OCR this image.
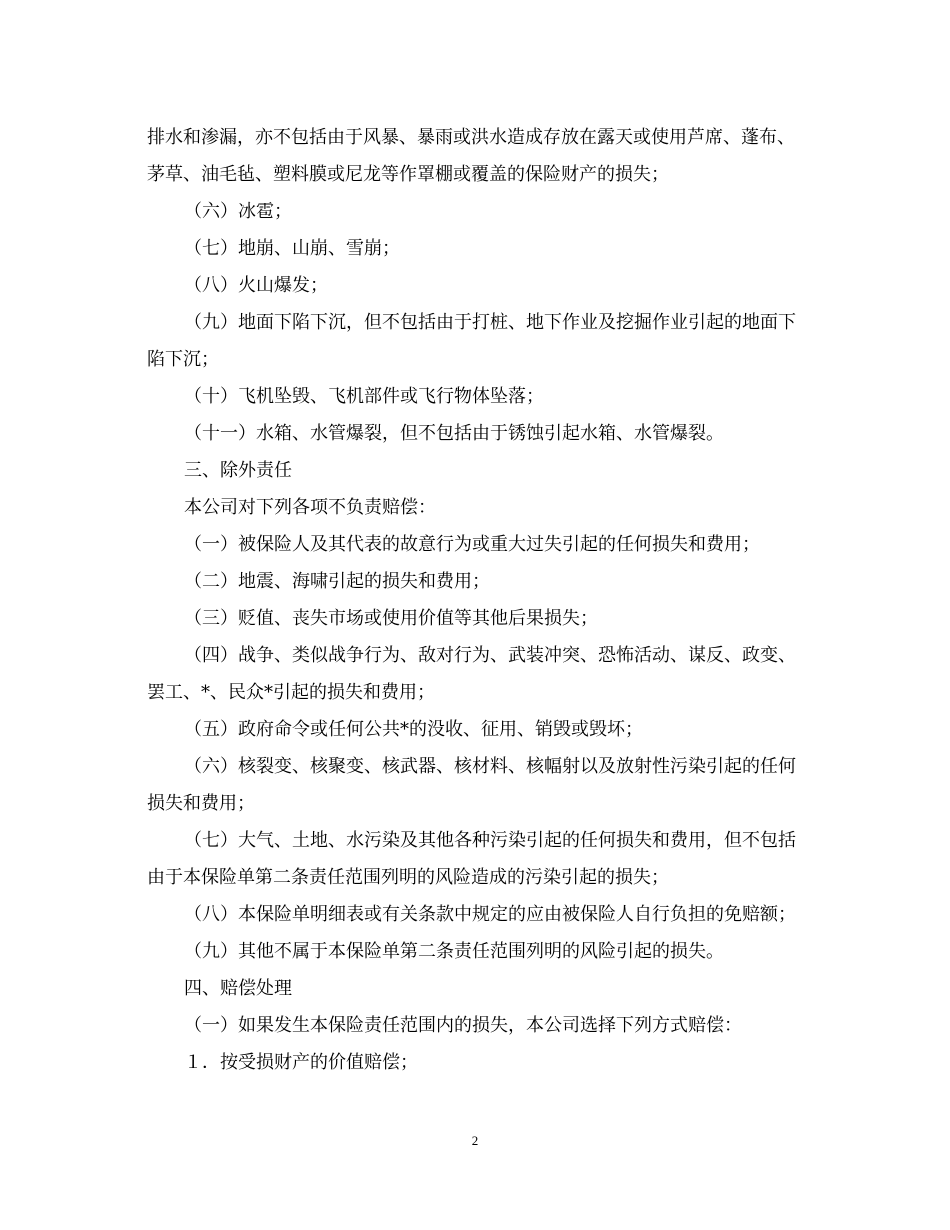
排水和渗漏，亦不包括由于风暴、暴雨或洪水造成存放在露天或使用芦席、蓬布、茅草、油毛毡、塑料膜或尼龙等作罩棚或覆盖的保险财产的损失；

（六）冰雹；

（七）地崩、山崩、雪崩；

（八）火山爆发；

（九）地面下陷下沉，但不包括由于打桩、地下作业及挖掘作业引起的地面下陷下沉；

（十）飞机坠毁、飞机部件或飞行物体坠落；

（十一）水箱、水管爆裂，但不包括由于锈蚀引起水箱、水管爆裂。

三、除外责任

本公司对下列各项不负责赔偿：

（一）被保险人及其代表的故意行为或重大过失引起的任何损失和费用；

（二）地震、海啸引起的损失和费用；

（三）贬值、丧失市场或使用价值等其他后果损失；

（四）战争、类似战争行为、敌对行为、武装冲突、恐怖活动、谋反、政变、罢工、*、民众*引起的损失和费用；

（五）政府命令或任何公共*的没收、征用、销毁或毁坏；

（六）核裂变、核聚变、核武器、核材料、核幅射以及放射性污染引起的任何损失和费用；

（七）大气、土地、水污染及其他各种污染引起的任何损失和费用，但不包括由于本保险单第二条责任范围列明的风险造成的污染引起的损失；

（八）本保险单明细表或有关条款中规定的应由被保险人自行负担的免赔额；

（九）其他不属于本保险单第二条责任范围列明的风险引起的损失。

四、赔偿处理

（一）如果发生本保险责任范围内的损失，本公司选择下列方式赔偿：

１．按受损财产的价值赔偿；

2
